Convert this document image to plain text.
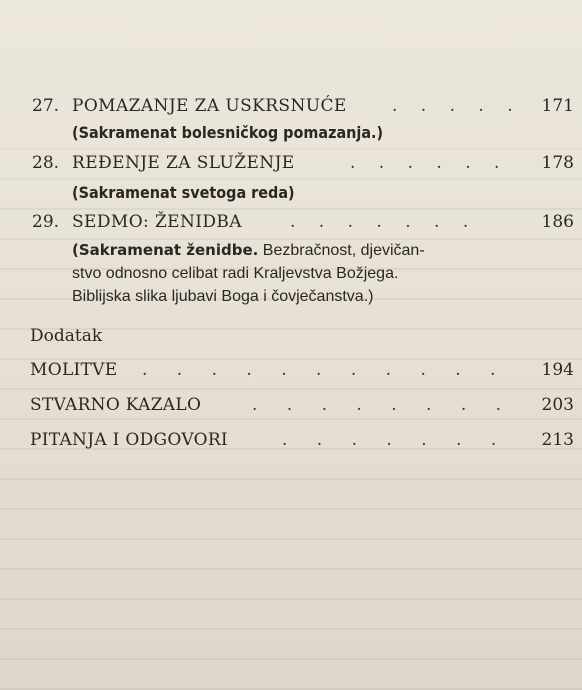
27. POMAZANJE ZA USKRSNUĆE	. . . . . 171
(Sakramenat bolesničkog pomazanja.)
28. REĐENJE ZA SLUŽENJE	. . . . . . 178
(Sakramenat svetoga reda)
29. SEDMO: ŽENIDBA	. . . . . . .	186
(Sakramenat ženidbe. Bezbračnost, djevičan-
stvo odnosno celibat radi Kraljevstva Božjega.
Biblijska slika ljubavi Boga i čovječanstva.)
Dodatak
MOLITVE . . . . . . . . . . . 194
STVARNO KAZALO	. . . . . . . . 203
PITANJA I ODGOVORI	. . . . . . . 213
